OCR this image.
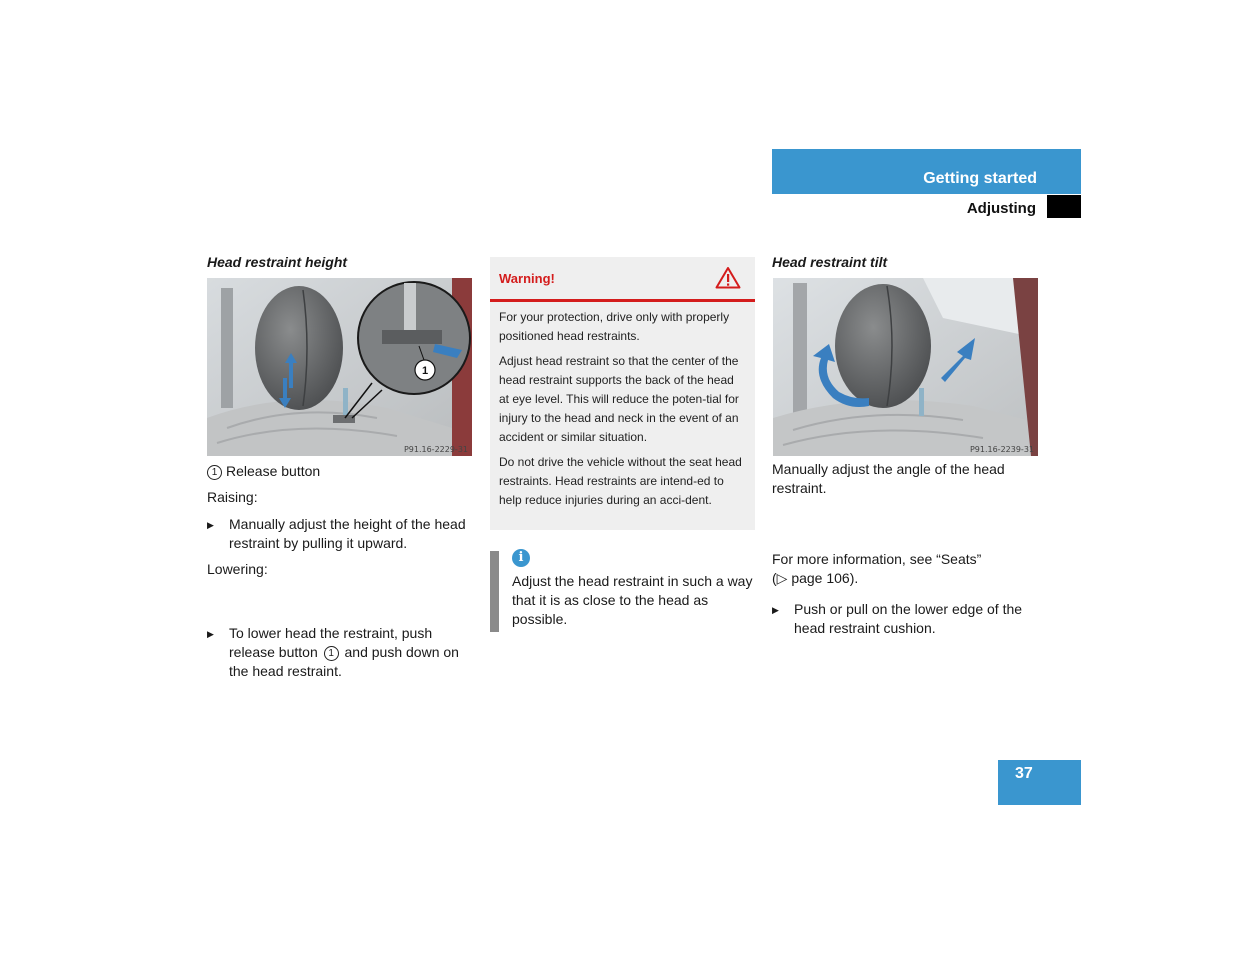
Getting started
Adjusting
Head restraint height
1
P91.16-2229-31
1 Release button
Raising:
▶ Manually adjust the height of the head restraint by pulling it upward.
Lowering:
▶ To lower head the restraint, push release button 1 and push down on the head restraint.
Warning!

For your protection, drive only with properly positioned head restraints.

Adjust head restraint so that the center of the head restraint supports the back of the head at eye level. This will reduce the poten-tial for injury to the head and neck in the event of an accident or similar situation.

Do not drive the vehicle without the seat head restraints. Head restraints are intend-ed to help reduce injuries during an acci-dent.

i
Adjust the head restraint in such a way that it is as close to the head as possible.
Head restraint tilt
P91.16-2239-31
Manually adjust the angle of the head restraint.
▶ Push or pull on the lower edge of the head restraint cushion.
For more information, see “Seats”
(▷ page 106).
37
